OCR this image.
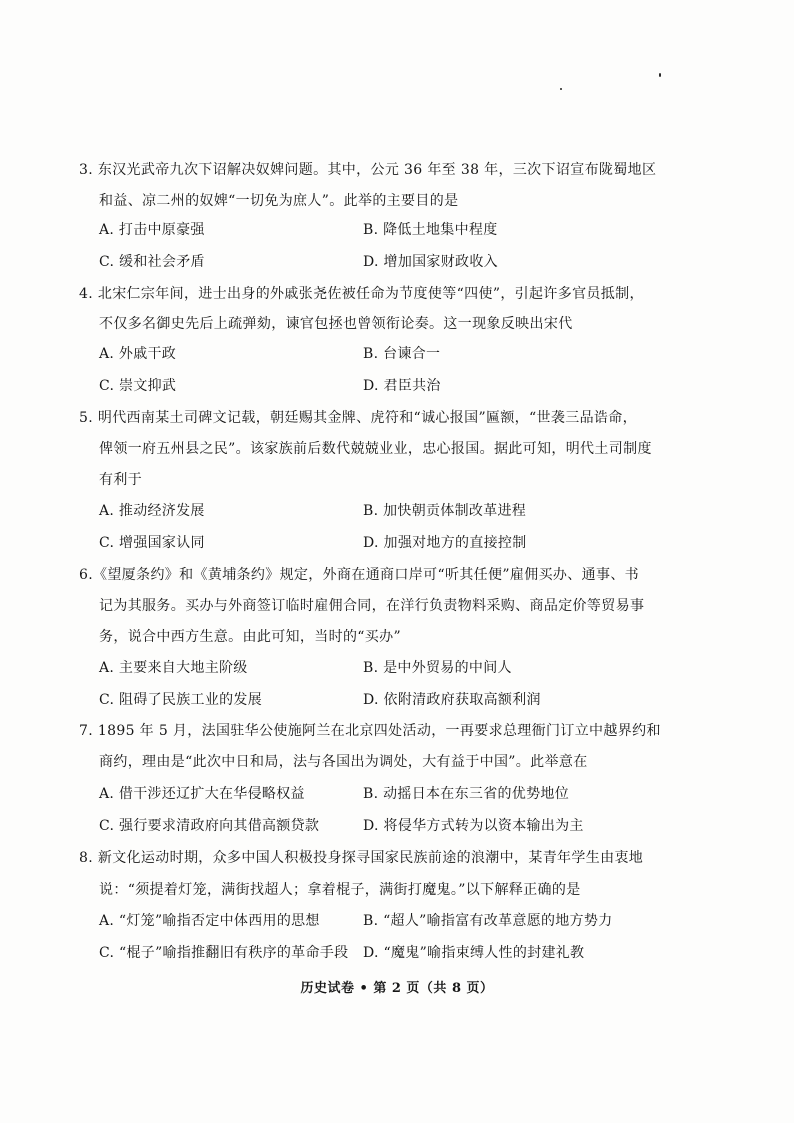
3. 东汉光武帝九次下诏解决奴婢问题。其中，公元 36 年至 38 年，三次下诏宣布陇蜀地区
和益、凉二州的奴婢“一切免为庶人”。此举的主要目的是
A. 打击中原豪强	B. 降低土地集中程度
C. 缓和社会矛盾	D. 增加国家财政收入
4. 北宋仁宗年间，进士出身的外戚张尧佐被任命为节度使等“四使”，引起许多官员抵制，
不仅多名御史先后上疏弹劾，谏官包拯也曾领衔论奏。这一现象反映出宋代
A. 外戚干政	B. 台谏合一
C. 崇文抑武	D. 君臣共治
5. 明代西南某土司碑文记载，朝廷赐其金牌、虎符和“诚心报国”匾额，“世袭三品诰命，
俾领一府五州县之民”。该家族前后数代兢兢业业，忠心报国。据此可知，明代土司制度
有利于
A. 推动经济发展	B. 加快朝贡体制改革进程
C. 增强国家认同	D. 加强对地方的直接控制
6.《望厦条约》和《黄埔条约》规定，外商在通商口岸可“听其任便”雇佣买办、通事、书
记为其服务。买办与外商签订临时雇佣合同，在洋行负责物料采购、商品定价等贸易事
务，说合中西方生意。由此可知，当时的“买办”
A. 主要来自大地主阶级	B. 是中外贸易的中间人
C. 阻碍了民族工业的发展	D. 依附清政府获取高额利润
7. 1895 年 5 月，法国驻华公使施阿兰在北京四处活动，一再要求总理衙门订立中越界约和
商约，理由是“此次中日和局，法与各国出为调处，大有益于中国”。此举意在
A. 借干涉还辽扩大在华侵略权益	B. 动摇日本在东三省的优势地位
C. 强行要求清政府向其借高额贷款	D. 将侵华方式转为以资本输出为主
8. 新文化运动时期，众多中国人积极投身探寻国家民族前途的浪潮中，某青年学生由衷地
说：“须提着灯笼，满街找超人；拿着棍子，满街打魔鬼。”以下解释正确的是
A. “灯笼”喻指否定中体西用的思想	B. “超人”喻指富有改革意愿的地方势力
C. “棍子”喻指推翻旧有秩序的革命手段 D. “魔鬼”喻指束缚人性的封建礼教
历史试卷 • 第 2 页（共 8 页）
